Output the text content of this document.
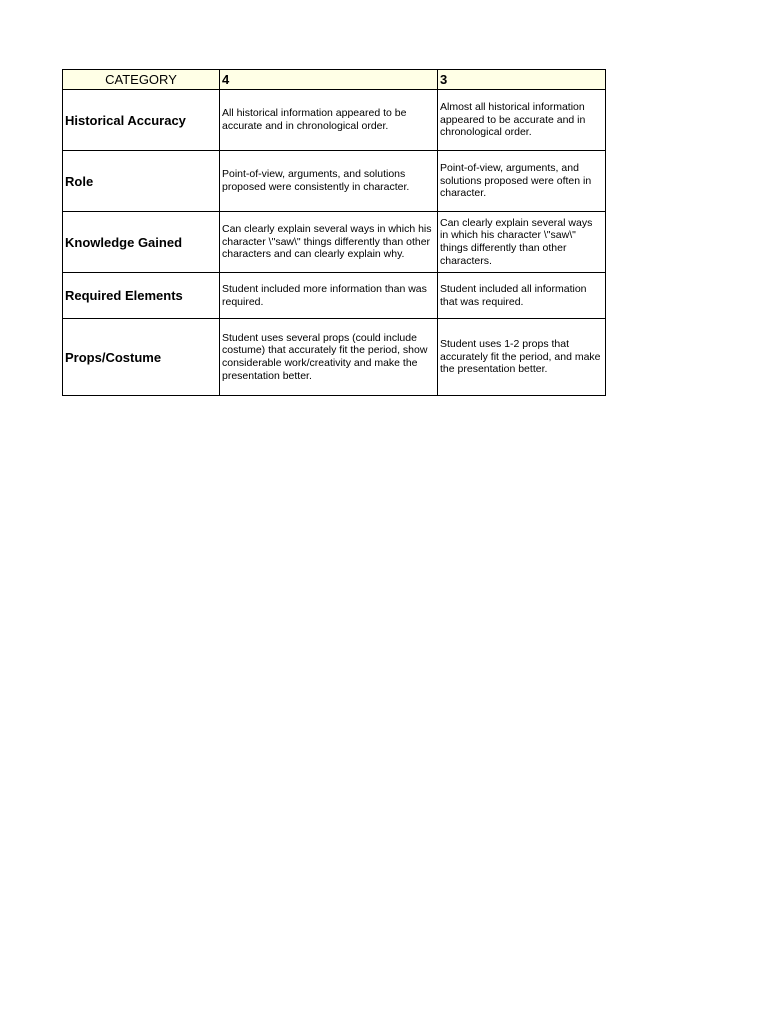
CATEGORY	4	3
Historical Accuracy	All historical information appeared to be accurate and in chronological order.	Almost all historical information appeared to be accurate and in chronological order.
Role	Point-of-view, arguments, and solutions proposed were consistently in character.	Point-of-view, arguments, and solutions proposed were often in character.
Knowledge Gained	Can clearly explain several ways in which his character \"saw\" things differently than other characters and can clearly explain why.	Can clearly explain several ways in which his character \"saw\" things differently than other characters.
Required Elements	Student included more information than was required.	Student included all information that was required.
Props/Costume	Student uses several props (could include costume) that accurately fit the period, show considerable work/creativity and make the presentation better.	Student uses 1-2 props that accurately fit the period, and make the presentation better.
